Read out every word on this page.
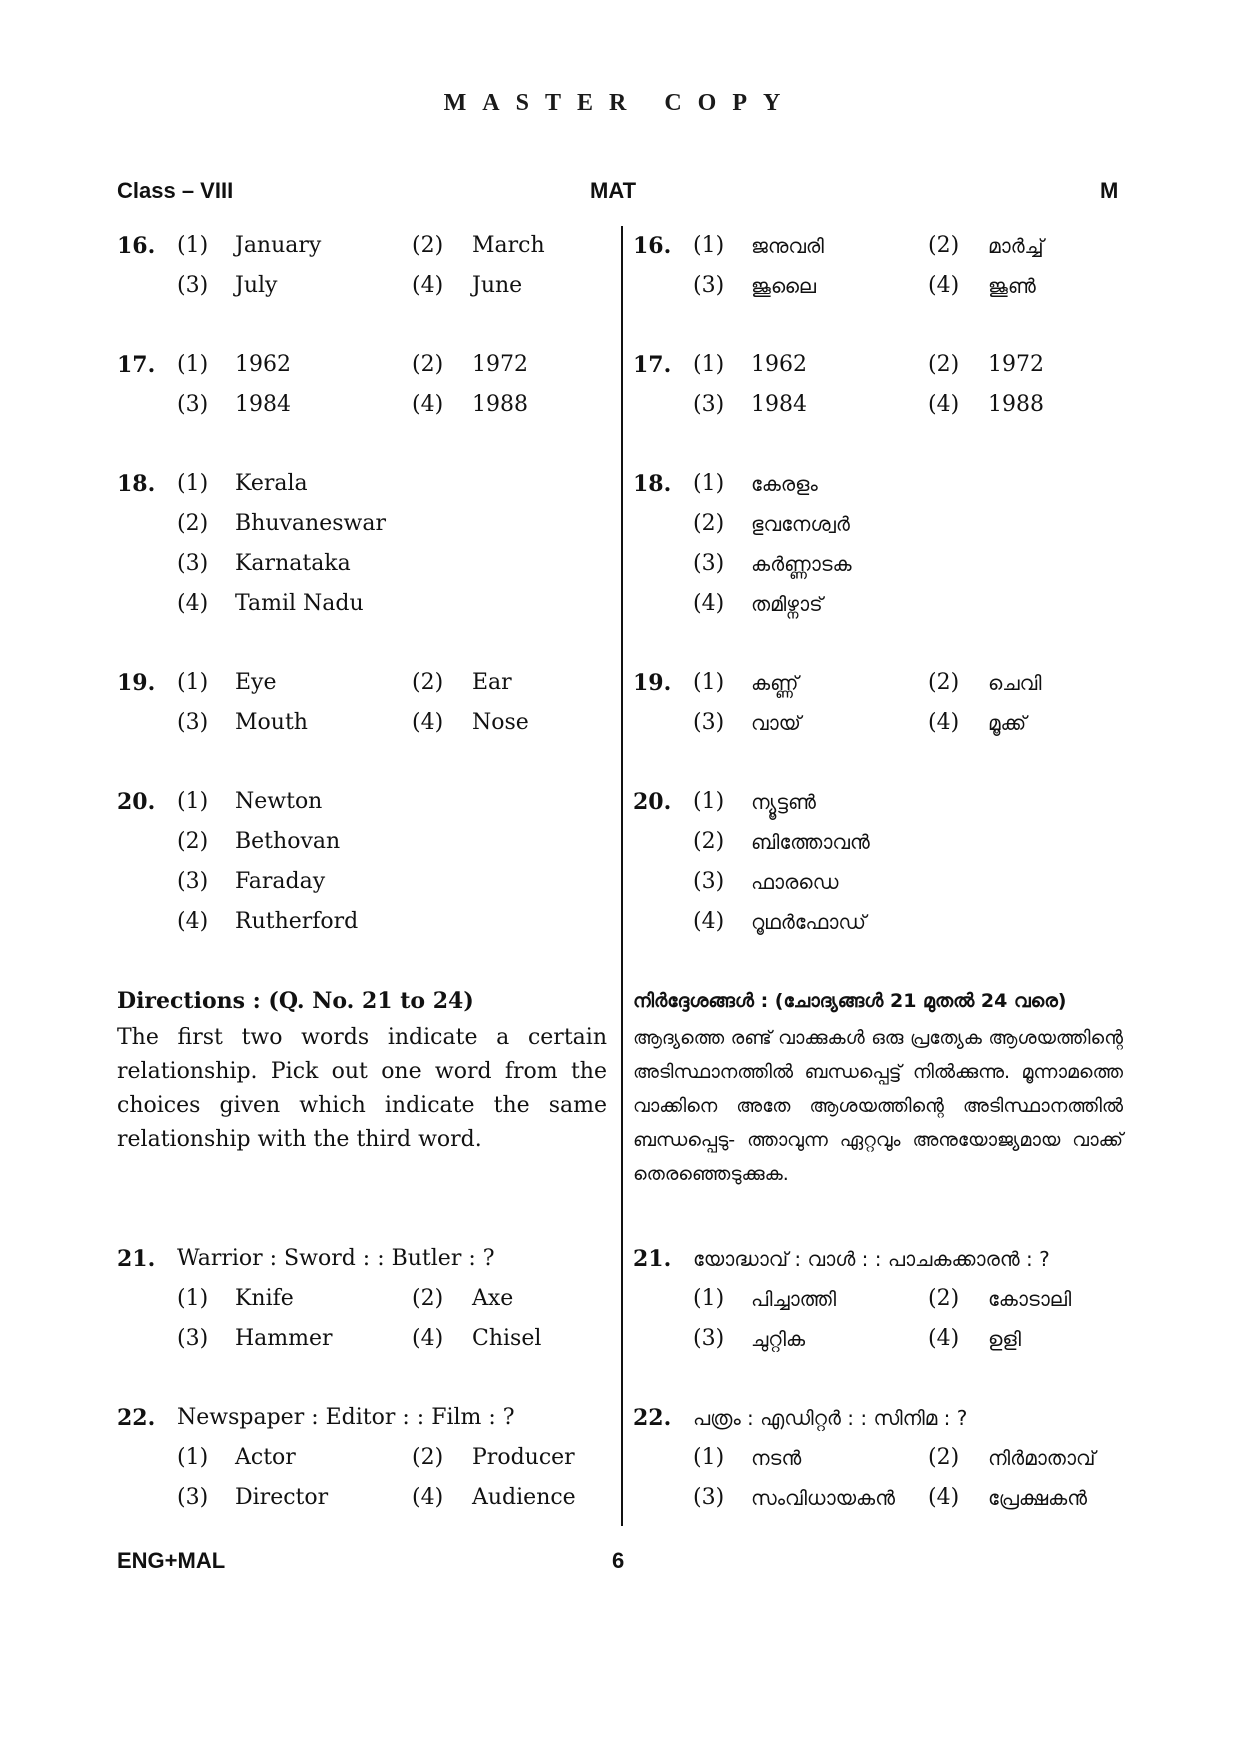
MASTER COPY
Class – VIII	MAT	M
16. (1) January	(2) March
(3) July	(4) June
17. (1) 1962	(2) 1972
(3) 1984	(4) 1988
18. (1) Kerala
(2) Bhuvaneswar
(3) Karnataka
(4) Tamil Nadu
19. (1) Eye	(2) Ear
(3) Mouth	(4) Nose
20. (1) Newton
(2) Bethovan
(3) Faraday
(4) Rutherford
Directions : (Q. No. 21 to 24)
The first two words indicate a certain relationship. Pick out one word from the choices given which indicate the same relationship with the third word.
21. Warrior : Sword : : Butler : ?
(1) Knife	(2) Axe
(3) Hammer	(4) Chisel
22. Newspaper : Editor : : Film : ?
(1) Actor	(2) Producer
(3) Director	(4) Audience
16. (1) ജനുവരി	(2) മാർച്ച്
(3) ജൂലൈ	(4) ജൂൺ
17. (1) 1962	(2) 1972
(3) 1984	(4) 1988
18. (1) കേരളം
(2) ഭുവനേശ്വർ
(3) കർണ്ണാടക
(4) തമിഴ്നാട്
19. (1) കണ്ണ്	(2) ചെവി
(3) വായ്	(4) മൂക്ക്
20. (1) ന്യൂട്ടൺ
(2) ബിത്തോവൻ
(3) ഫാരഡെ
(4) റൂഥർഫോഡ്
നിർദ്ദേശങ്ങൾ : (ചോദ്യങ്ങൾ 21 മുതൽ 24 വരെ)
ആദ്യത്തെ രണ്ട് വാക്കുകൾ ഒരു പ്രത്യേക ആശയത്തിന്റെ അടിസ്ഥാനത്തിൽ ബന്ധപ്പെട്ട് നിൽക്കുന്നു. മൂന്നാമത്തെ വാക്കിനെ അതേ ആശയത്തിന്റെ അടിസ്ഥാനത്തിൽ ബന്ധപ്പെടു- ത്താവുന്ന ഏറ്റവും അനുയോജ്യമായ വാക്ക് തെരഞ്ഞെടുക്കുക.
21. യോദ്ധാവ് : വാൾ : : പാചകക്കാരൻ : ?
(1) പിച്ചാത്തി	(2) കോടാലി
(3) ചുറ്റിക	(4) ഉളി
22. പത്രം : എഡിറ്റർ : : സിനിമ : ?
(1) നടൻ	(2) നിർമാതാവ്
(3) സംവിധായകൻ (4) പ്രേക്ഷകൻ
ENG+MAL	6
